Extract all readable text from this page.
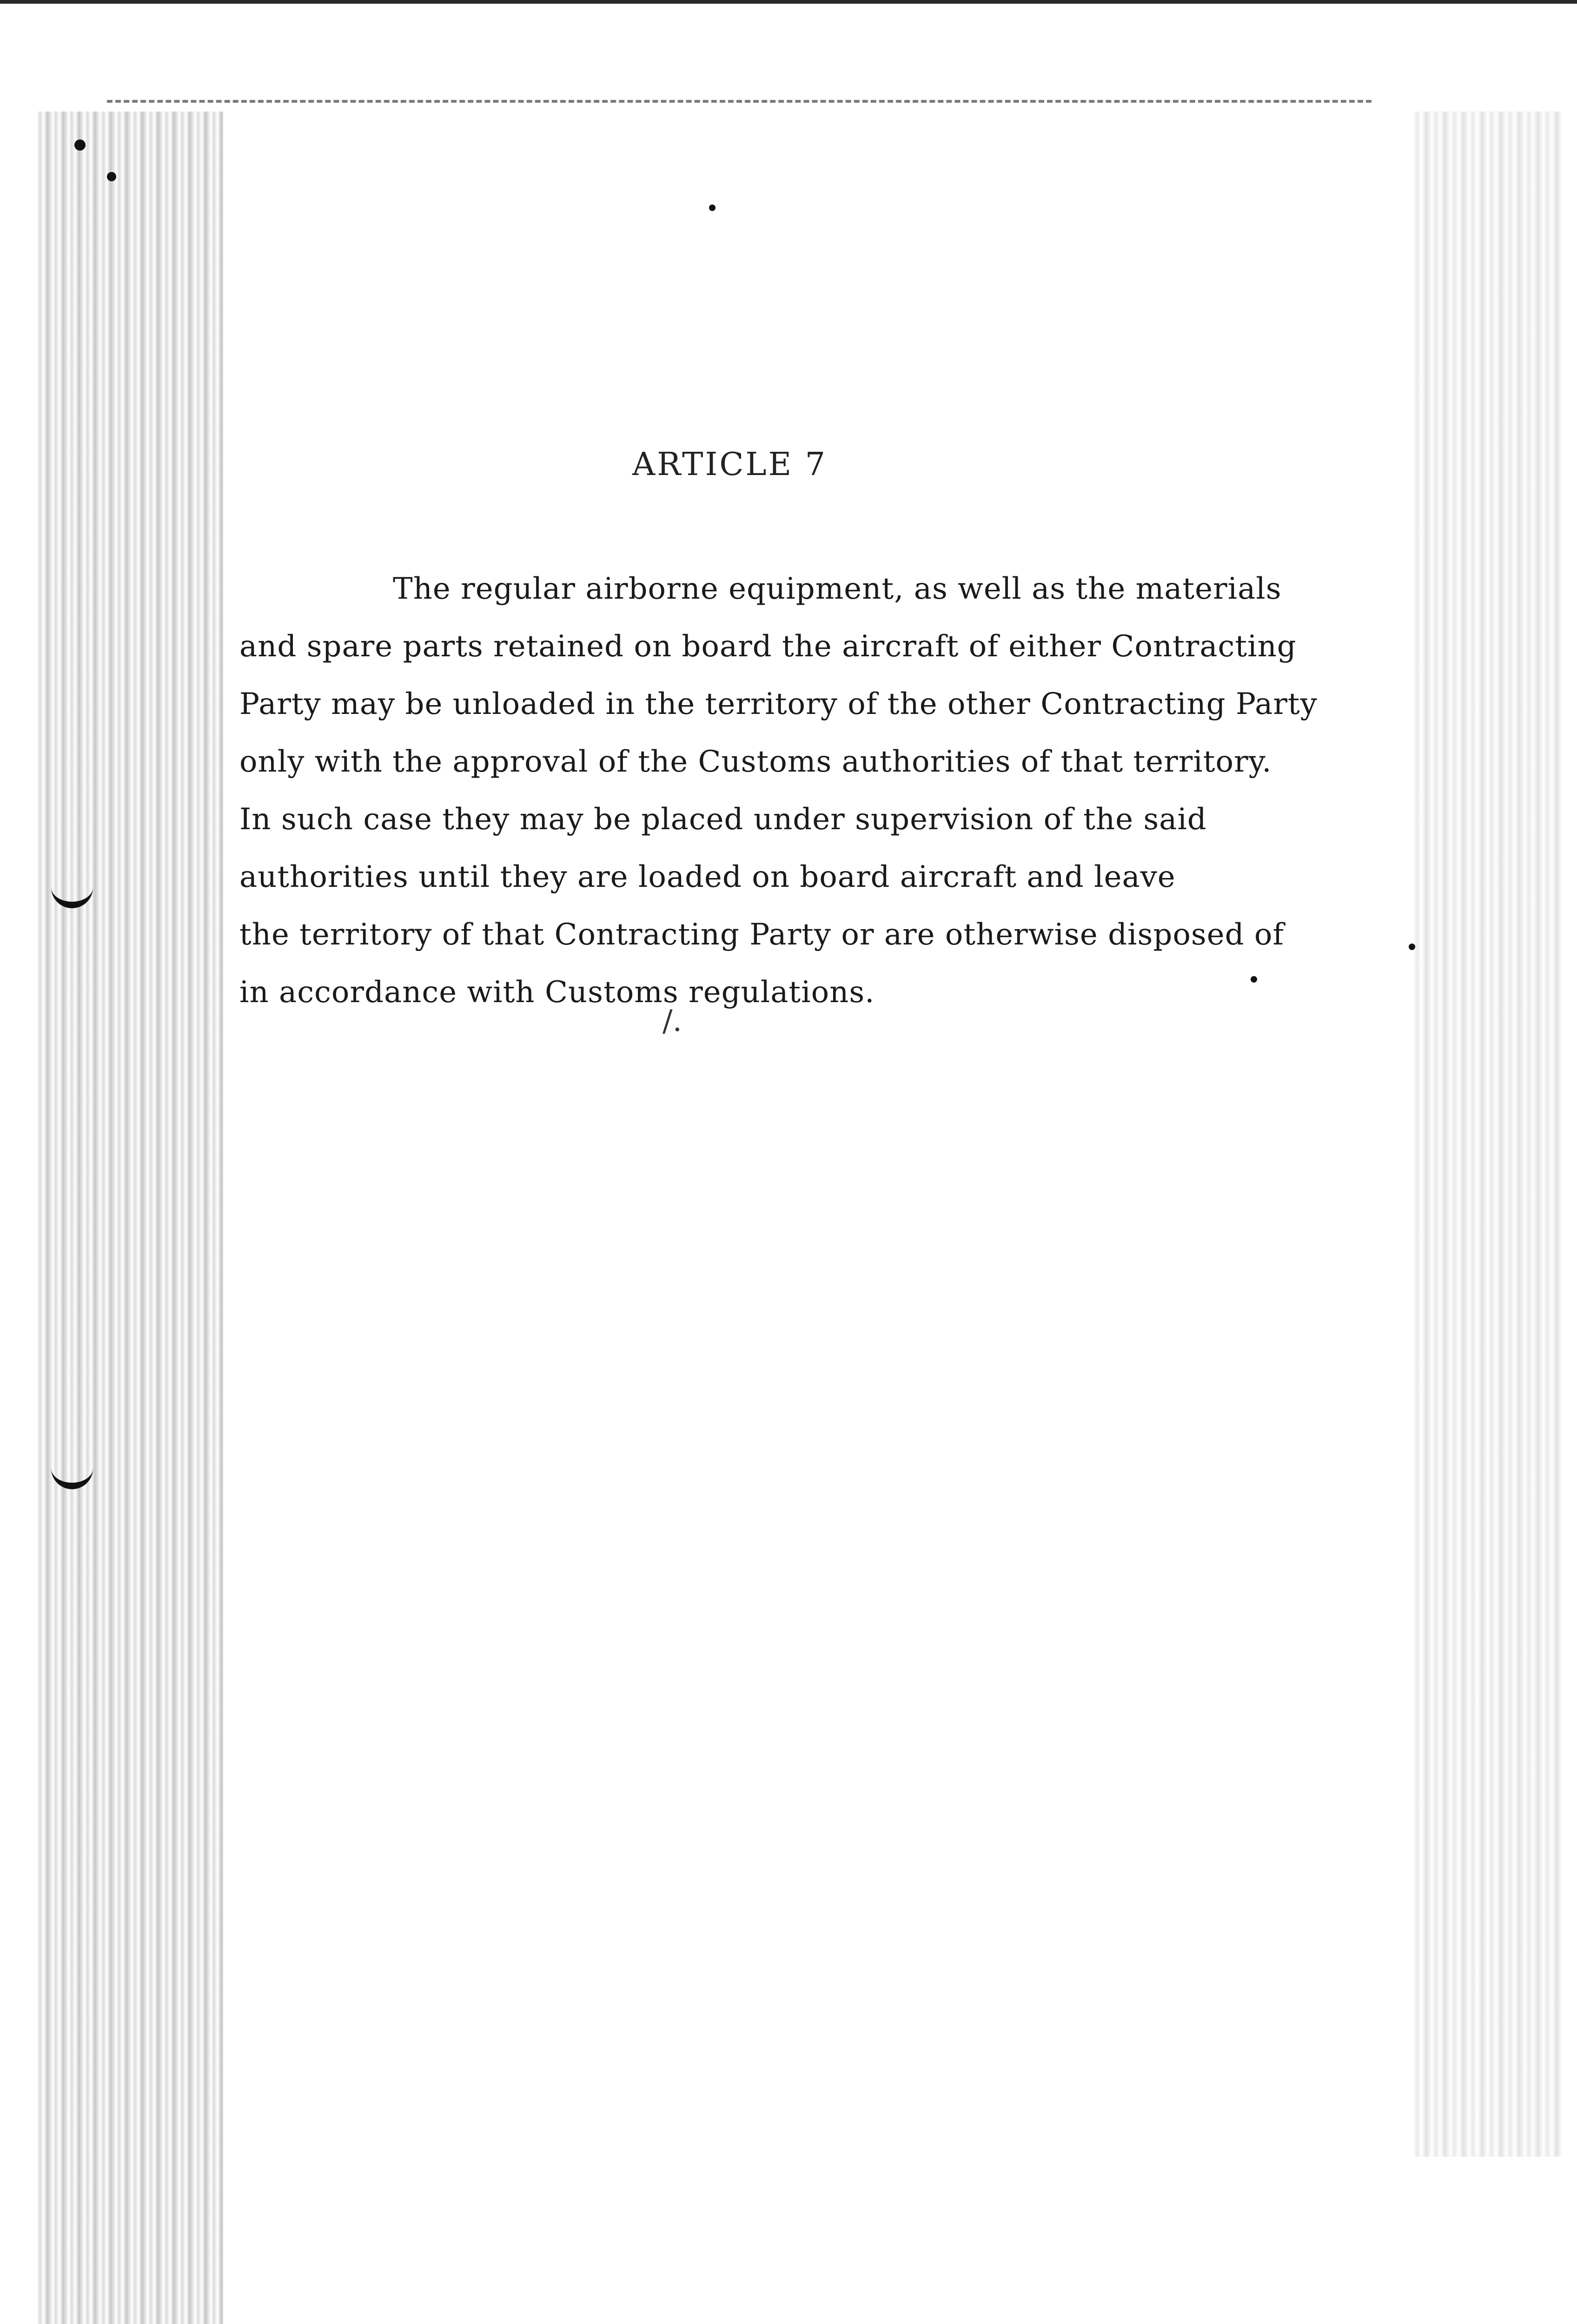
ARTICLE 7
The regular airborne equipment, as well as the materials
and spare parts retained on board the aircraft of either Contracting
Party may be unloaded in the territory of the other Contracting Party
only with the approval of the Customs authorities of that territory.
In such case they may be placed under supervision of the said
authorities until they are loaded on board aircraft and leave
the territory of that Contracting Party or are otherwise disposed of
in accordance with Customs regulations.
/.
